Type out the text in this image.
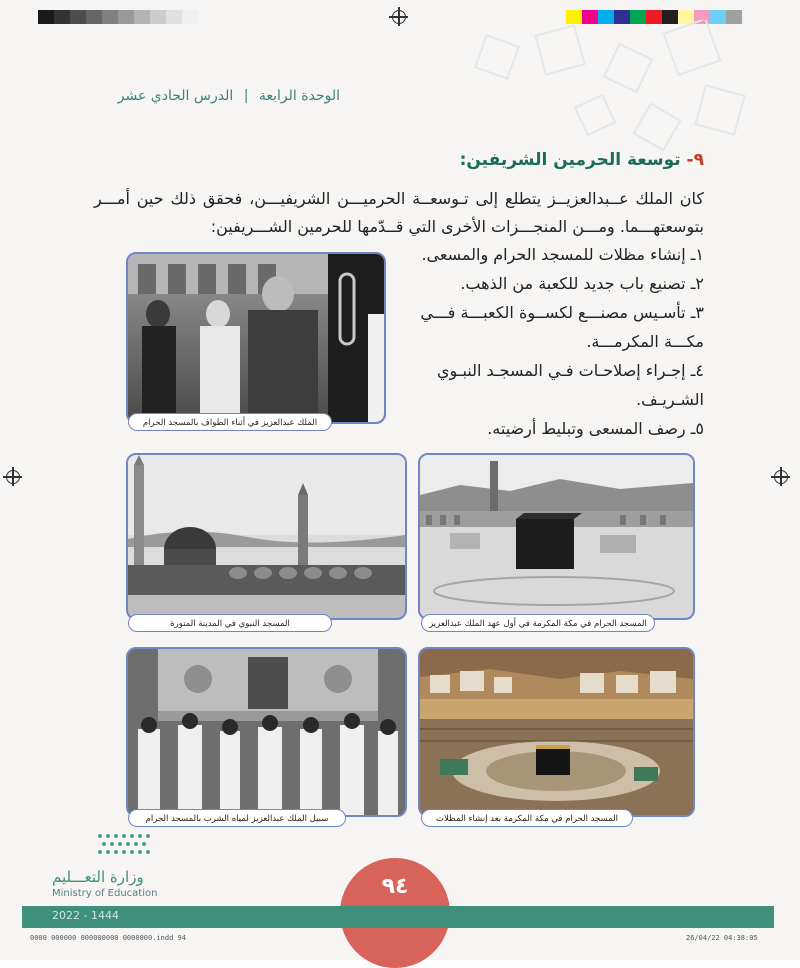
الوحدة الرابعة | الدرس الحادي عشر
٩- توسعة الحرمين الشريفين:
كان الملك عــبدالعزيــز يتطلع إلى تـوسعــة الحرميـــن الشريفيـــن، فحقق ذلك حين أمـــر بتوسعتهـــما. ومـــن المنجـــزات الأخرى التي قــدّمها للحرمين الشـــريفين:
١ـ إنشاء مظلات للمسجد الحرام والمسعى.
٢ـ تصنيع باب جديد للكعبة من الذهب.
٣ـ تأسـيس مصنـــع لكســوة الكعبـــة فـــي مكـــة المكرمـــة.
٤ـ إجـراء إصلاحـات فـي المسجـد النبـوي الشـريـف.
٥ـ رصف المسعى وتبليط أرضيته.
الملك عبدالعزيز في أثناء الطواف بالمسجد الحرام
المسجد النبوي في المدينة المنورة	المسجد الحرام في مكة المكرمة في أول عهد الملك عبدالعزيز
سبيل الملك عبدالعزيز لمياه الشرب بالمسجد الحرام	المسجد الحرام في مكة المكرمة بعد إنشاء المظلات
وزارة التعـــليم
Ministry of Education
2022 - 1444
٩٤
0000 000000 000000000 0000000.indd 94	26/04/22 04:38:05
